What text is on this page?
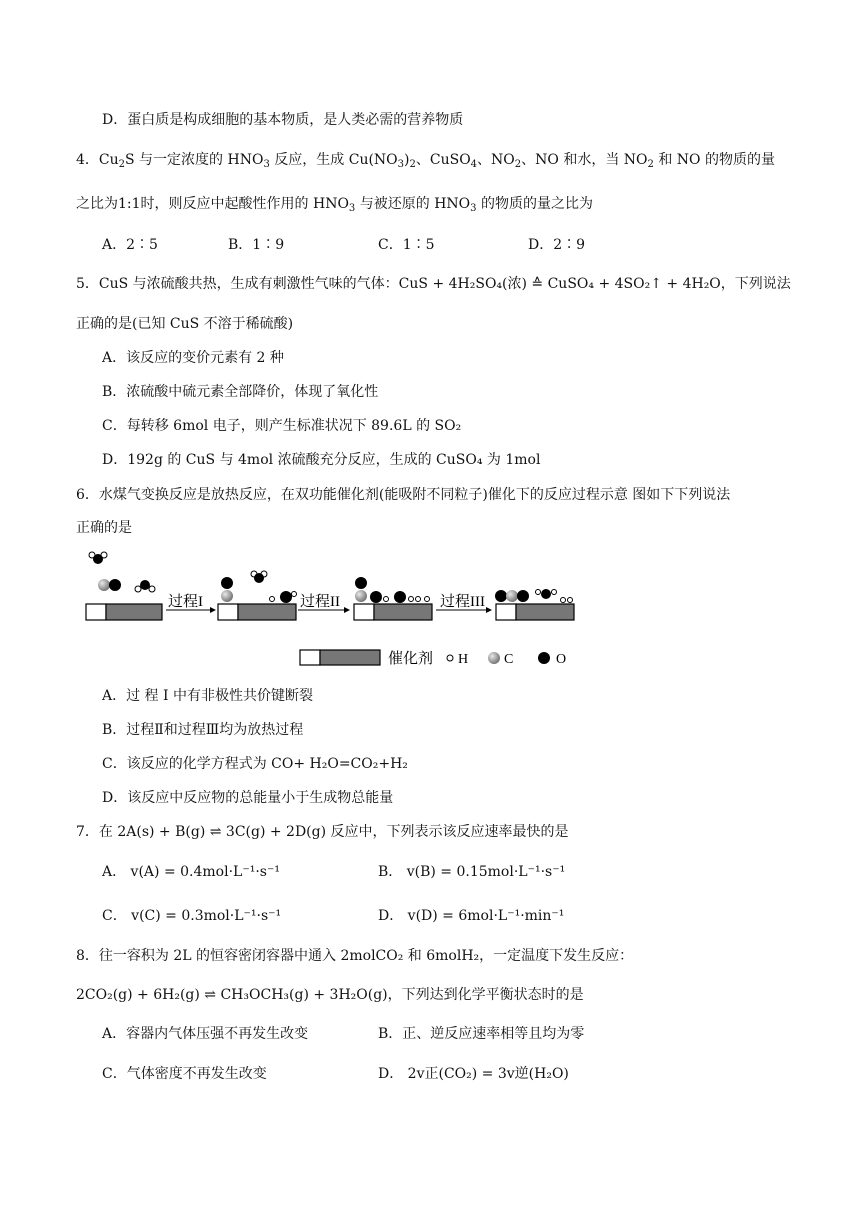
D．蛋白质是构成细胞的基本物质，是人类必需的营养物质
4．$Cu_2S$ 与一定浓度的 $HNO_3$ 反应，生成 $Cu(NO_3)_2$、CuSO$_4$、$NO_2$、NO 和水，当 $NO_2$ 和 NO 的物质的量
之比为1:1时，则反应中起酸性作用的 $HNO_3$ 与被还原的 $HNO_3$ 的物质的量之比为
A．2∶5	B．1∶9	C．1∶5	D．2∶9
5．CuS 与浓硫酸共热，生成有刺激性气味的气体：CuS + 4H₂SO₄(浓) ≙ CuSO₄ + 4SO₂↑ + 4H₂O，下列说法
正确的是(已知 CuS 不溶于稀硫酸)
A．该反应的变价元素有 2 种
B．浓硫酸中硫元素全部降价，体现了氧化性
C．每转移 6mol 电子，则产生标准状况下 89.6L 的 SO₂
D．192g 的 CuS 与 4mol 浓硫酸充分反应，生成的 CuSO₄ 为 1mol
6．水煤气变换反应是放热反应，在双功能催化剂(能吸附不同粒子)催化下的反应过程示意 图如下下列说法
正确的是
过程I	过程II	过程III
催化剂 H	C	O
A．过 程 I 中有非极性共价键断裂
B．过程Ⅱ和过程Ⅲ均为放热过程
C．该反应的化学方程式为 CO+ H₂O=CO₂+H₂
D．该反应中反应物的总能量小于生成物总能量
7．在 2A(s) + B(g) ⇌ 3C(g) + 2D(g) 反应中，下列表示该反应速率最快的是
A． v(A) = 0.4mol·L⁻¹·s⁻¹	B． v(B) = 0.15mol·L⁻¹·s⁻¹
C． v(C) = 0.3mol·L⁻¹·s⁻¹	D． v(D) = 6mol·L⁻¹·min⁻¹
8．往一容积为 2L 的恒容密闭容器中通入 2molCO₂ 和 6molH₂，一定温度下发生反应：
2CO₂(g) + 6H₂(g) ⇌ CH₃OCH₃(g) + 3H₂O(g)，下列达到化学平衡状态时的是
A．容器内气体压强不再发生改变	B．正、逆反应速率相等且均为零
C．气体密度不再发生改变	D． 2v正(CO₂) = 3v逆(H₂O)
